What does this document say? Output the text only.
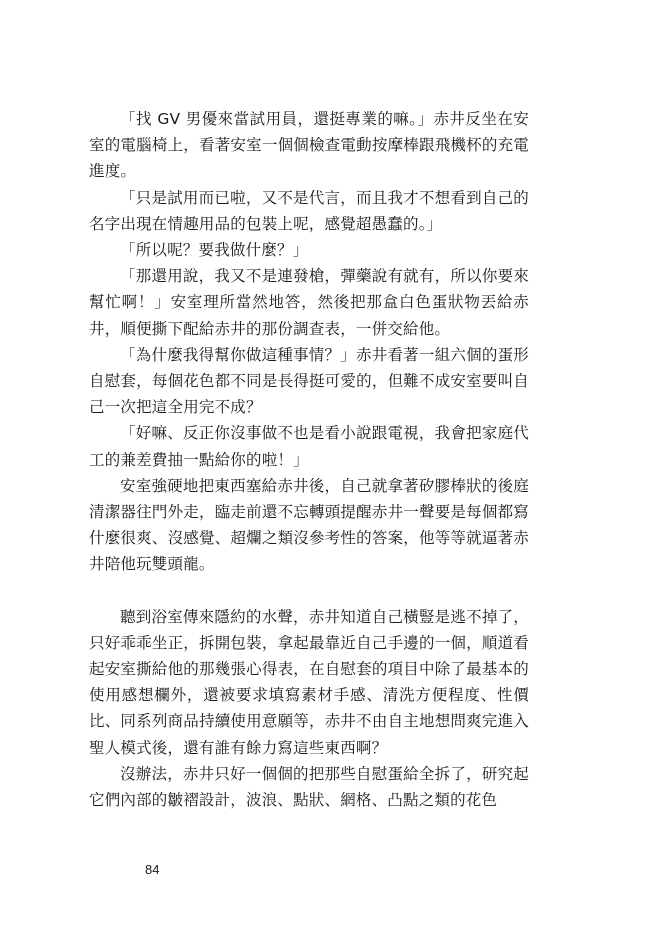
「找 GV 男優來當試用員，還挺專業的嘛。」赤井反坐在安室的電腦椅上，看著安室一個個檢查電動按摩棒跟飛機杯的充電進度。

「只是試用而已啦，又不是代言，而且我才不想看到自己的名字出現在情趣用品的包裝上呢，感覺超愚蠢的。」

「所以呢？要我做什麼？」

「那還用說，我又不是連發槍，彈藥說有就有，所以你要來幫忙啊！」安室理所當然地答，然後把那盒白色蛋狀物丟給赤井，順便撕下配給赤井的那份調查表，一併交給他。

「為什麼我得幫你做這種事情？」赤井看著一組六個的蛋形自慰套，每個花色都不同是長得挺可愛的，但難不成安室要叫自己一次把這全用完不成？

「好嘛、反正你沒事做不也是看小說跟電視，我會把家庭代工的兼差費抽一點給你的啦！」

安室強硬地把東西塞給赤井後，自己就拿著矽膠棒狀的後庭清潔器往門外走，臨走前還不忘轉頭提醒赤井一聲要是每個都寫什麼很爽、沒感覺、超爛之類沒參考性的答案，他等等就逼著赤井陪他玩雙頭龍。

聽到浴室傳來隱約的水聲，赤井知道自己橫豎是逃不掉了，只好乖乖坐正，拆開包裝，拿起最靠近自己手邊的一個，順道看起安室撕給他的那幾張心得表，在自慰套的項目中除了最基本的使用感想欄外，還被要求填寫素材手感、清洗方便程度、性價比、同系列商品持續使用意願等，赤井不由自主地想問爽完進入聖人模式後，還有誰有餘力寫這些東西啊？

沒辦法，赤井只好一個個的把那些自慰蛋給全拆了，研究起它們內部的皺褶設計，波浪、點狀、網格、凸點之類的花色

84
